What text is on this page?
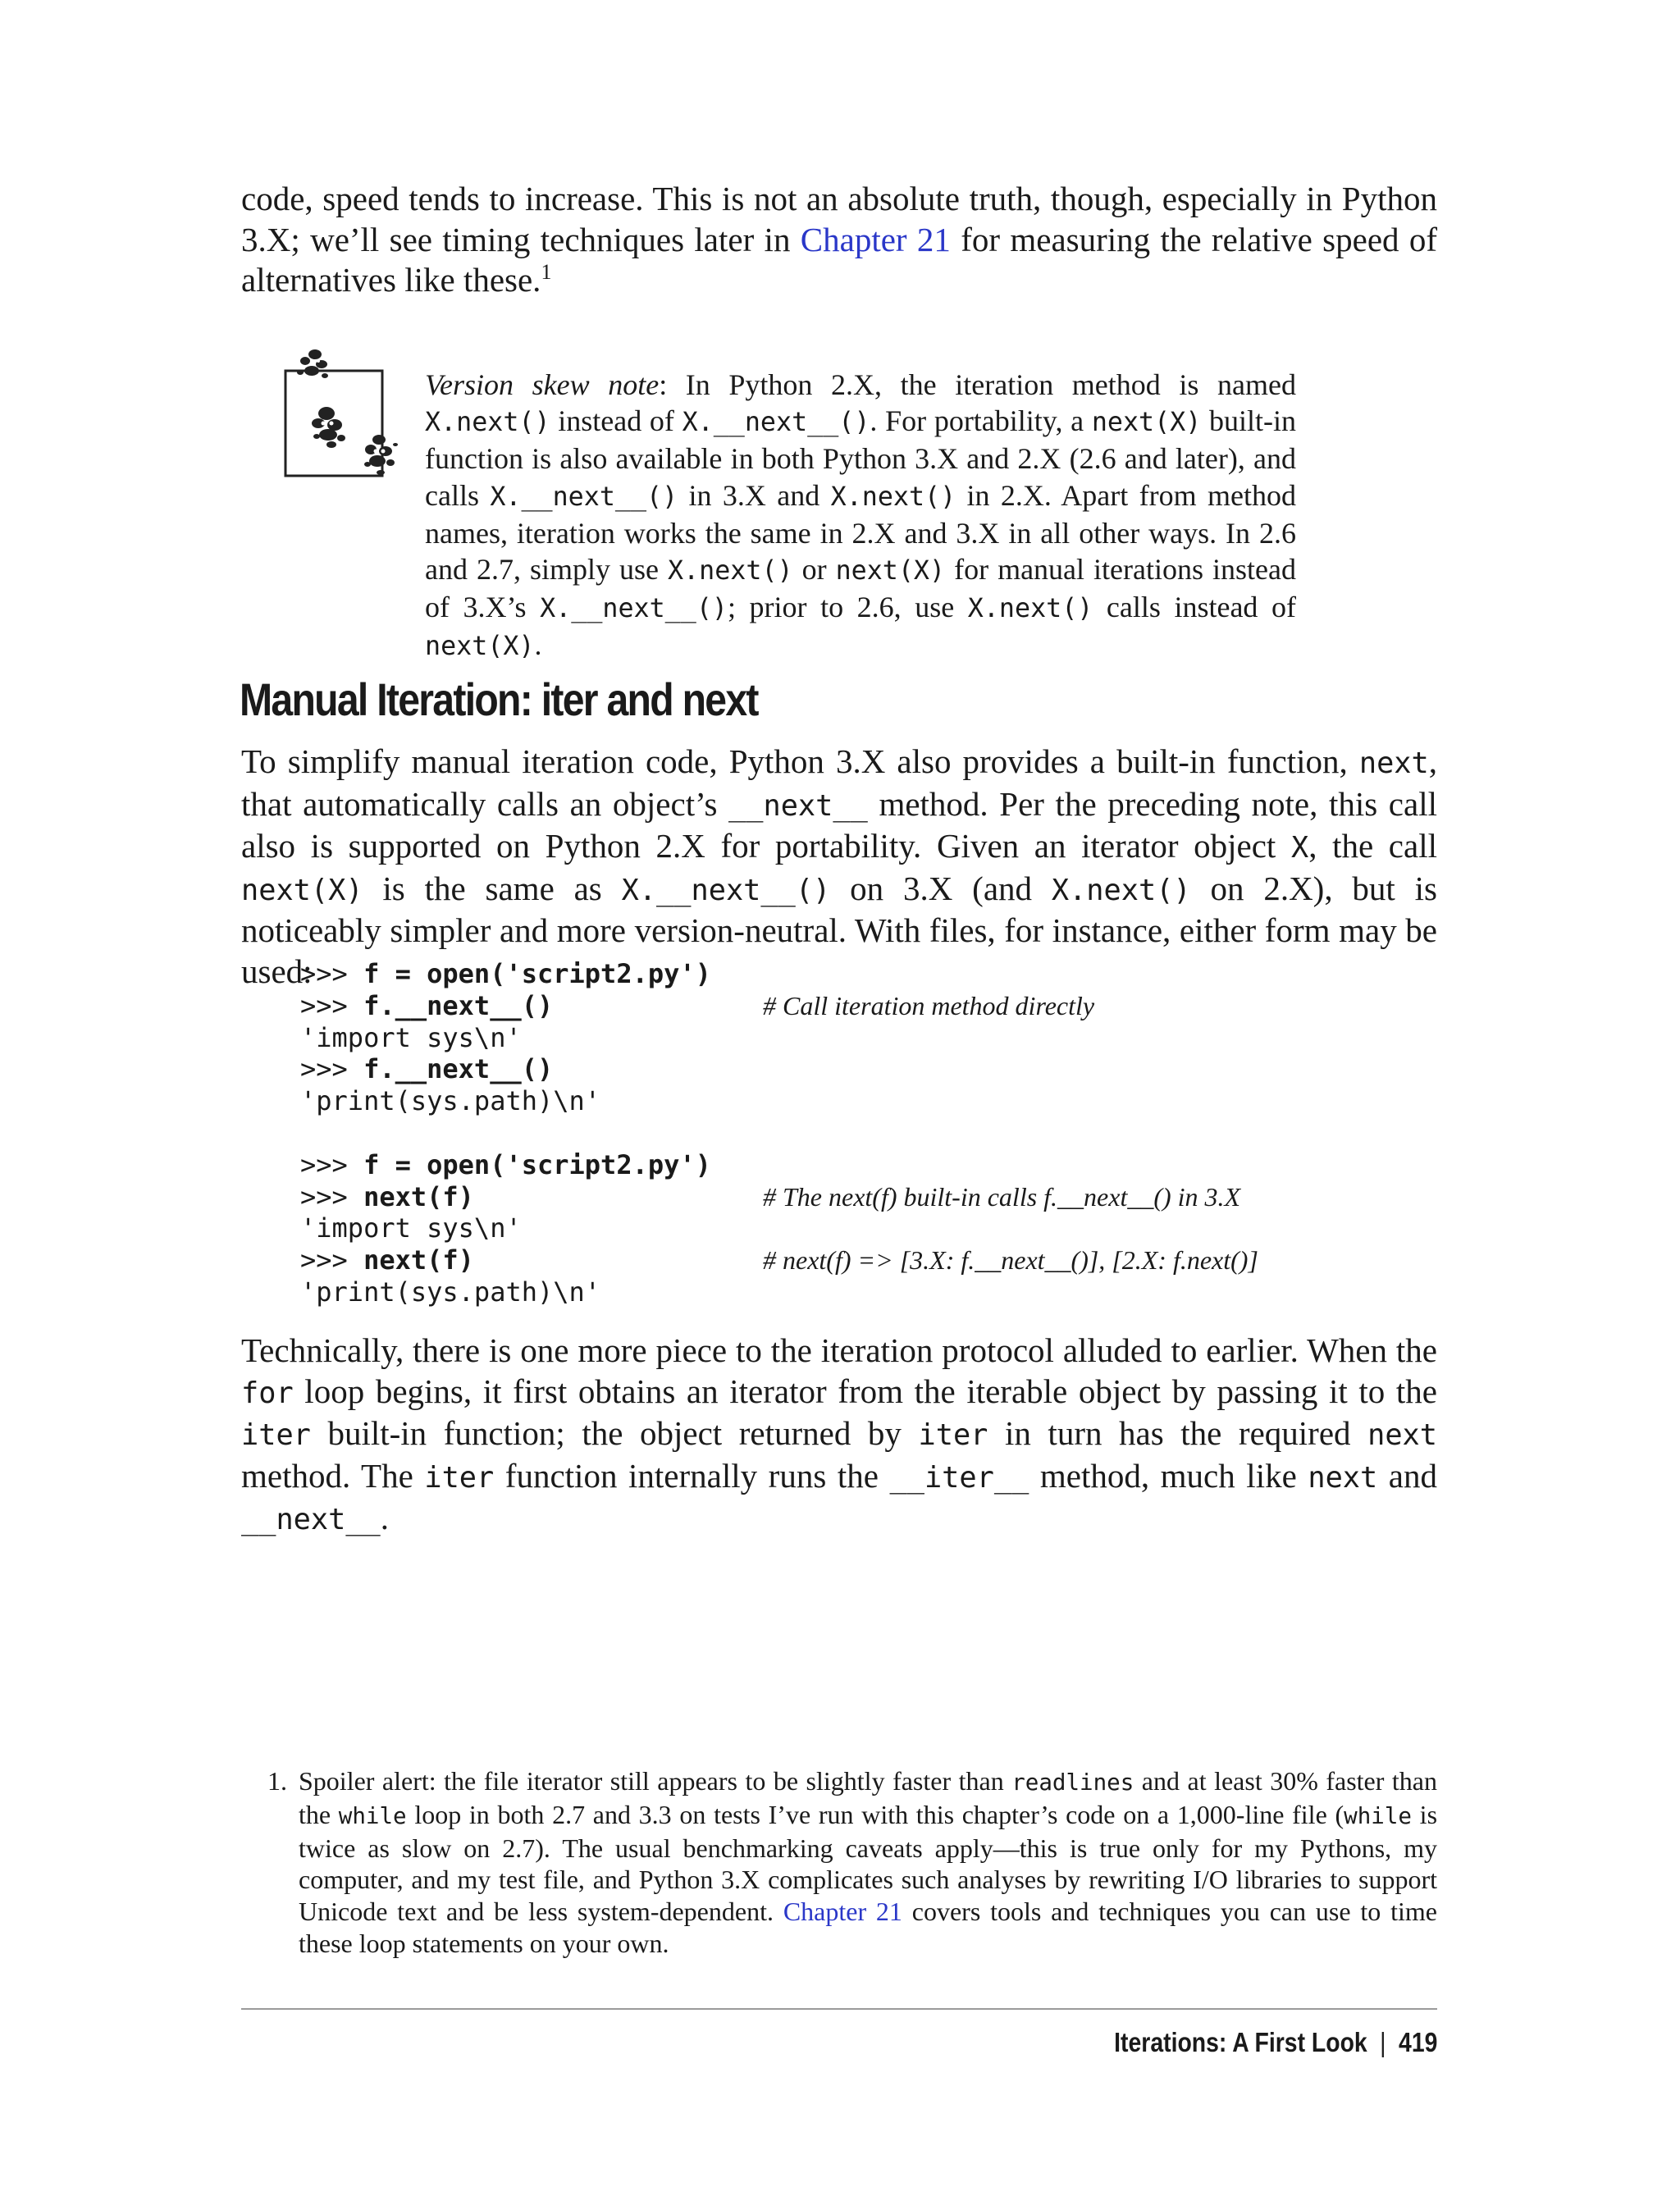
code, speed tends to increase. This is not an absolute truth, though, especially in Python 3.X; we’ll see timing techniques later in Chapter 21 for measuring the relative speed of alternatives like these.$^1$
Version skew note: In Python 2.X, the iteration method is named X.next() instead of X.__next__(). For portability, a next(X) built-in function is also available in both Python 3.X and 2.X (2.6 and later), and calls X.__next__() in 3.X and X.next() in 2.X. Apart from method names, iteration works the same in 2.X and 3.X in all other ways. In 2.6 and 2.7, simply use X.next() or next(X) for manual iterations instead of 3.X’s X.__next__(); prior to 2.6, use X.next() calls instead of next(X).
Manual Iteration: iter and next
To simplify manual iteration code, Python 3.X also provides a built-in function, next, that automatically calls an object’s __next__ method. Per the preceding note, this call also is supported on Python 2.X for portability. Given an iterator object X, the call next(X) is the same as X.__next__() on 3.X (and X.next() on 2.X), but is noticeably simpler and more version-neutral. With files, for instance, either form may be used:
>>> f = open('script2.py')
>>> f.__next__()	# Call iteration method directly
'import sys\n'
>>> f.__next__()
'print(sys.path)\n'
>>> f = open('script2.py')
>>> next(f)	# The next(f) built-in calls f.__next__() in 3.X
'import sys\n'
>>> next(f)	# next(f) => [3.X: f.__next__()], [2.X: f.next()]
'print(sys.path)\n'
Technically, there is one more piece to the iteration protocol alluded to earlier. When the for loop begins, it first obtains an iterator from the iterable object by passing it to the iter built-in function; the object returned by iter in turn has the required next method. The iter function internally runs the __iter__ method, much like next and __next__.
1. Spoiler alert: the file iterator still appears to be slightly faster than readlines and at least 30% faster than the while loop in both 2.7 and 3.3 on tests I’ve run with this chapter’s code on a 1,000-line file (while is twice as slow on 2.7). The usual benchmarking caveats apply—this is true only for my Pythons, my computer, and my test file, and Python 3.X complicates such analyses by rewriting I/O libraries to support Unicode text and be less system-dependent. Chapter 21 covers tools and techniques you can use to time these loop statements on your own.
Iterations: A First Look | 419
